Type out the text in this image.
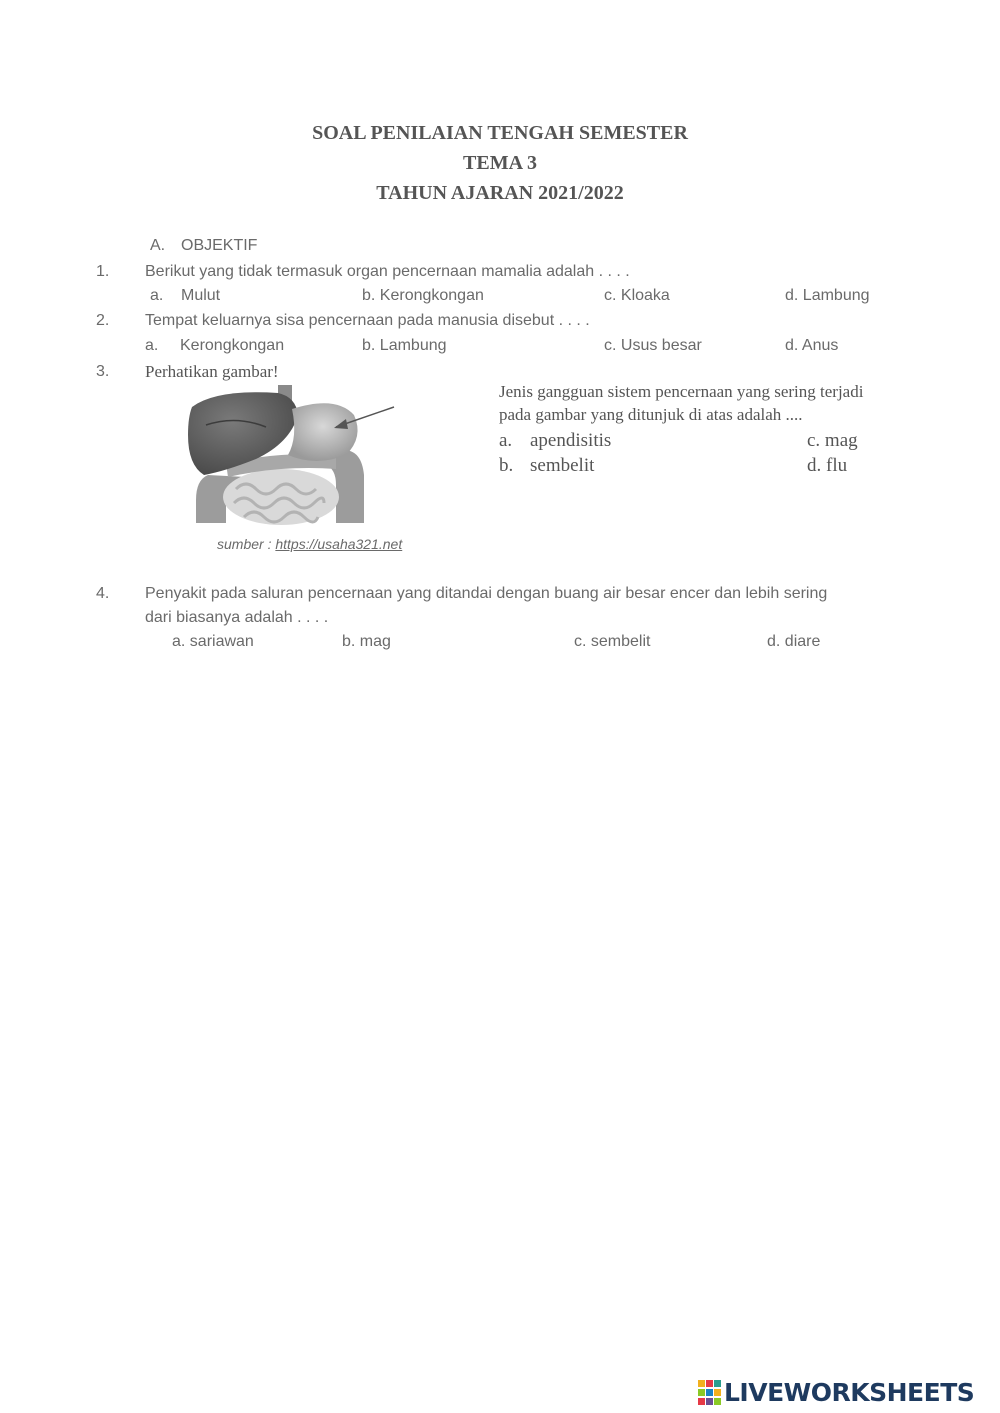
SOAL PENILAIAN TENGAH SEMESTER
TEMA 3
TAHUN AJARAN 2021/2022
A. OBJEKTIF
1. Berikut yang tidak termasuk organ pencernaan mamalia adalah . . . .
a. Mulut	b. Kerongkongan	c. Kloaka	d. Lambung
2. Tempat keluarnya sisa pencernaan pada manusia disebut . . . .
a. Kerongkongan	b. Lambung	c. Usus besar	d. Anus
3. Perhatikan gambar!
sumber : https://usaha321.net
Jenis gangguan sistem pencernaan yang sering terjadi
pada gambar yang ditunjuk di atas adalah ....
a. apendisitis
b. sembelit
c. mag
d. flu
4. Penyakit pada saluran pencernaan yang ditandai dengan buang air besar encer dan lebih sering
dari biasanya adalah . . . .
a. sariawan	b. mag	c. sembelit	d. diare
LIVEWORKSHEETS
